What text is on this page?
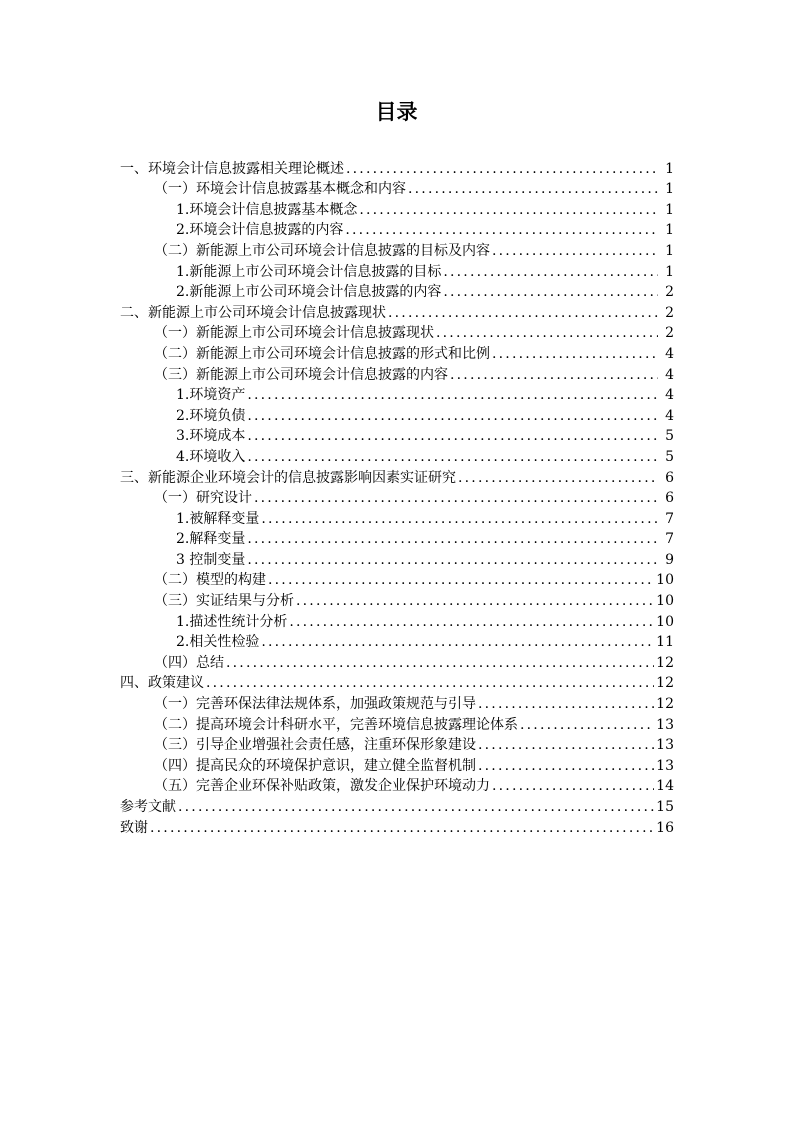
目录
一、环境会计信息披露相关理论概述 .....	1
（一）环境会计信息披露基本概念和内容 .....	1
1.环境会计信息披露基本概念 .....	1
2.环境会计信息披露的内容 .....	1
（二）新能源上市公司环境会计信息披露的目标及内容 .....	1
1.新能源上市公司环境会计信息披露的目标 .....	1
2.新能源上市公司环境会计信息披露的内容 .....	2
二、新能源上市公司环境会计信息披露现状 .....	2
（一）新能源上市公司环境会计信息披露现状 .....	2
（二）新能源上市公司环境会计信息披露的形式和比例 .....	4
（三）新能源上市公司环境会计信息披露的内容 .....	4
1.环境资产 .....	4
2.环境负债 .....	4
3.环境成本 .....	5
4.环境收入 .....	5
三、新能源企业环境会计的信息披露影响因素实证研究 .....	6
（一）研究设计 .....	6
1.被解释变量 .....	7
2.解释变量 .....	7
3 控制变量 .....	9
（二）模型的构建 .....	10
（三）实证结果与分析 .....	10
1.描述性统计分析 .....	10
2.相关性检验 .....	11
（四）总结 .....	12
四、政策建议 .....	12
（一）完善环保法律法规体系，加强政策规范与引导 .....	12
（二）提高环境会计科研水平，完善环境信息披露理论体系 .....	13
（三）引导企业增强社会责任感，注重环保形象建设 .....	13
（四）提高民众的环境保护意识，建立健全监督机制 .....	13
（五）完善企业环保补贴政策，激发企业保护环境动力 .....	14
参考文献 .....	15
致谢 .....	16
